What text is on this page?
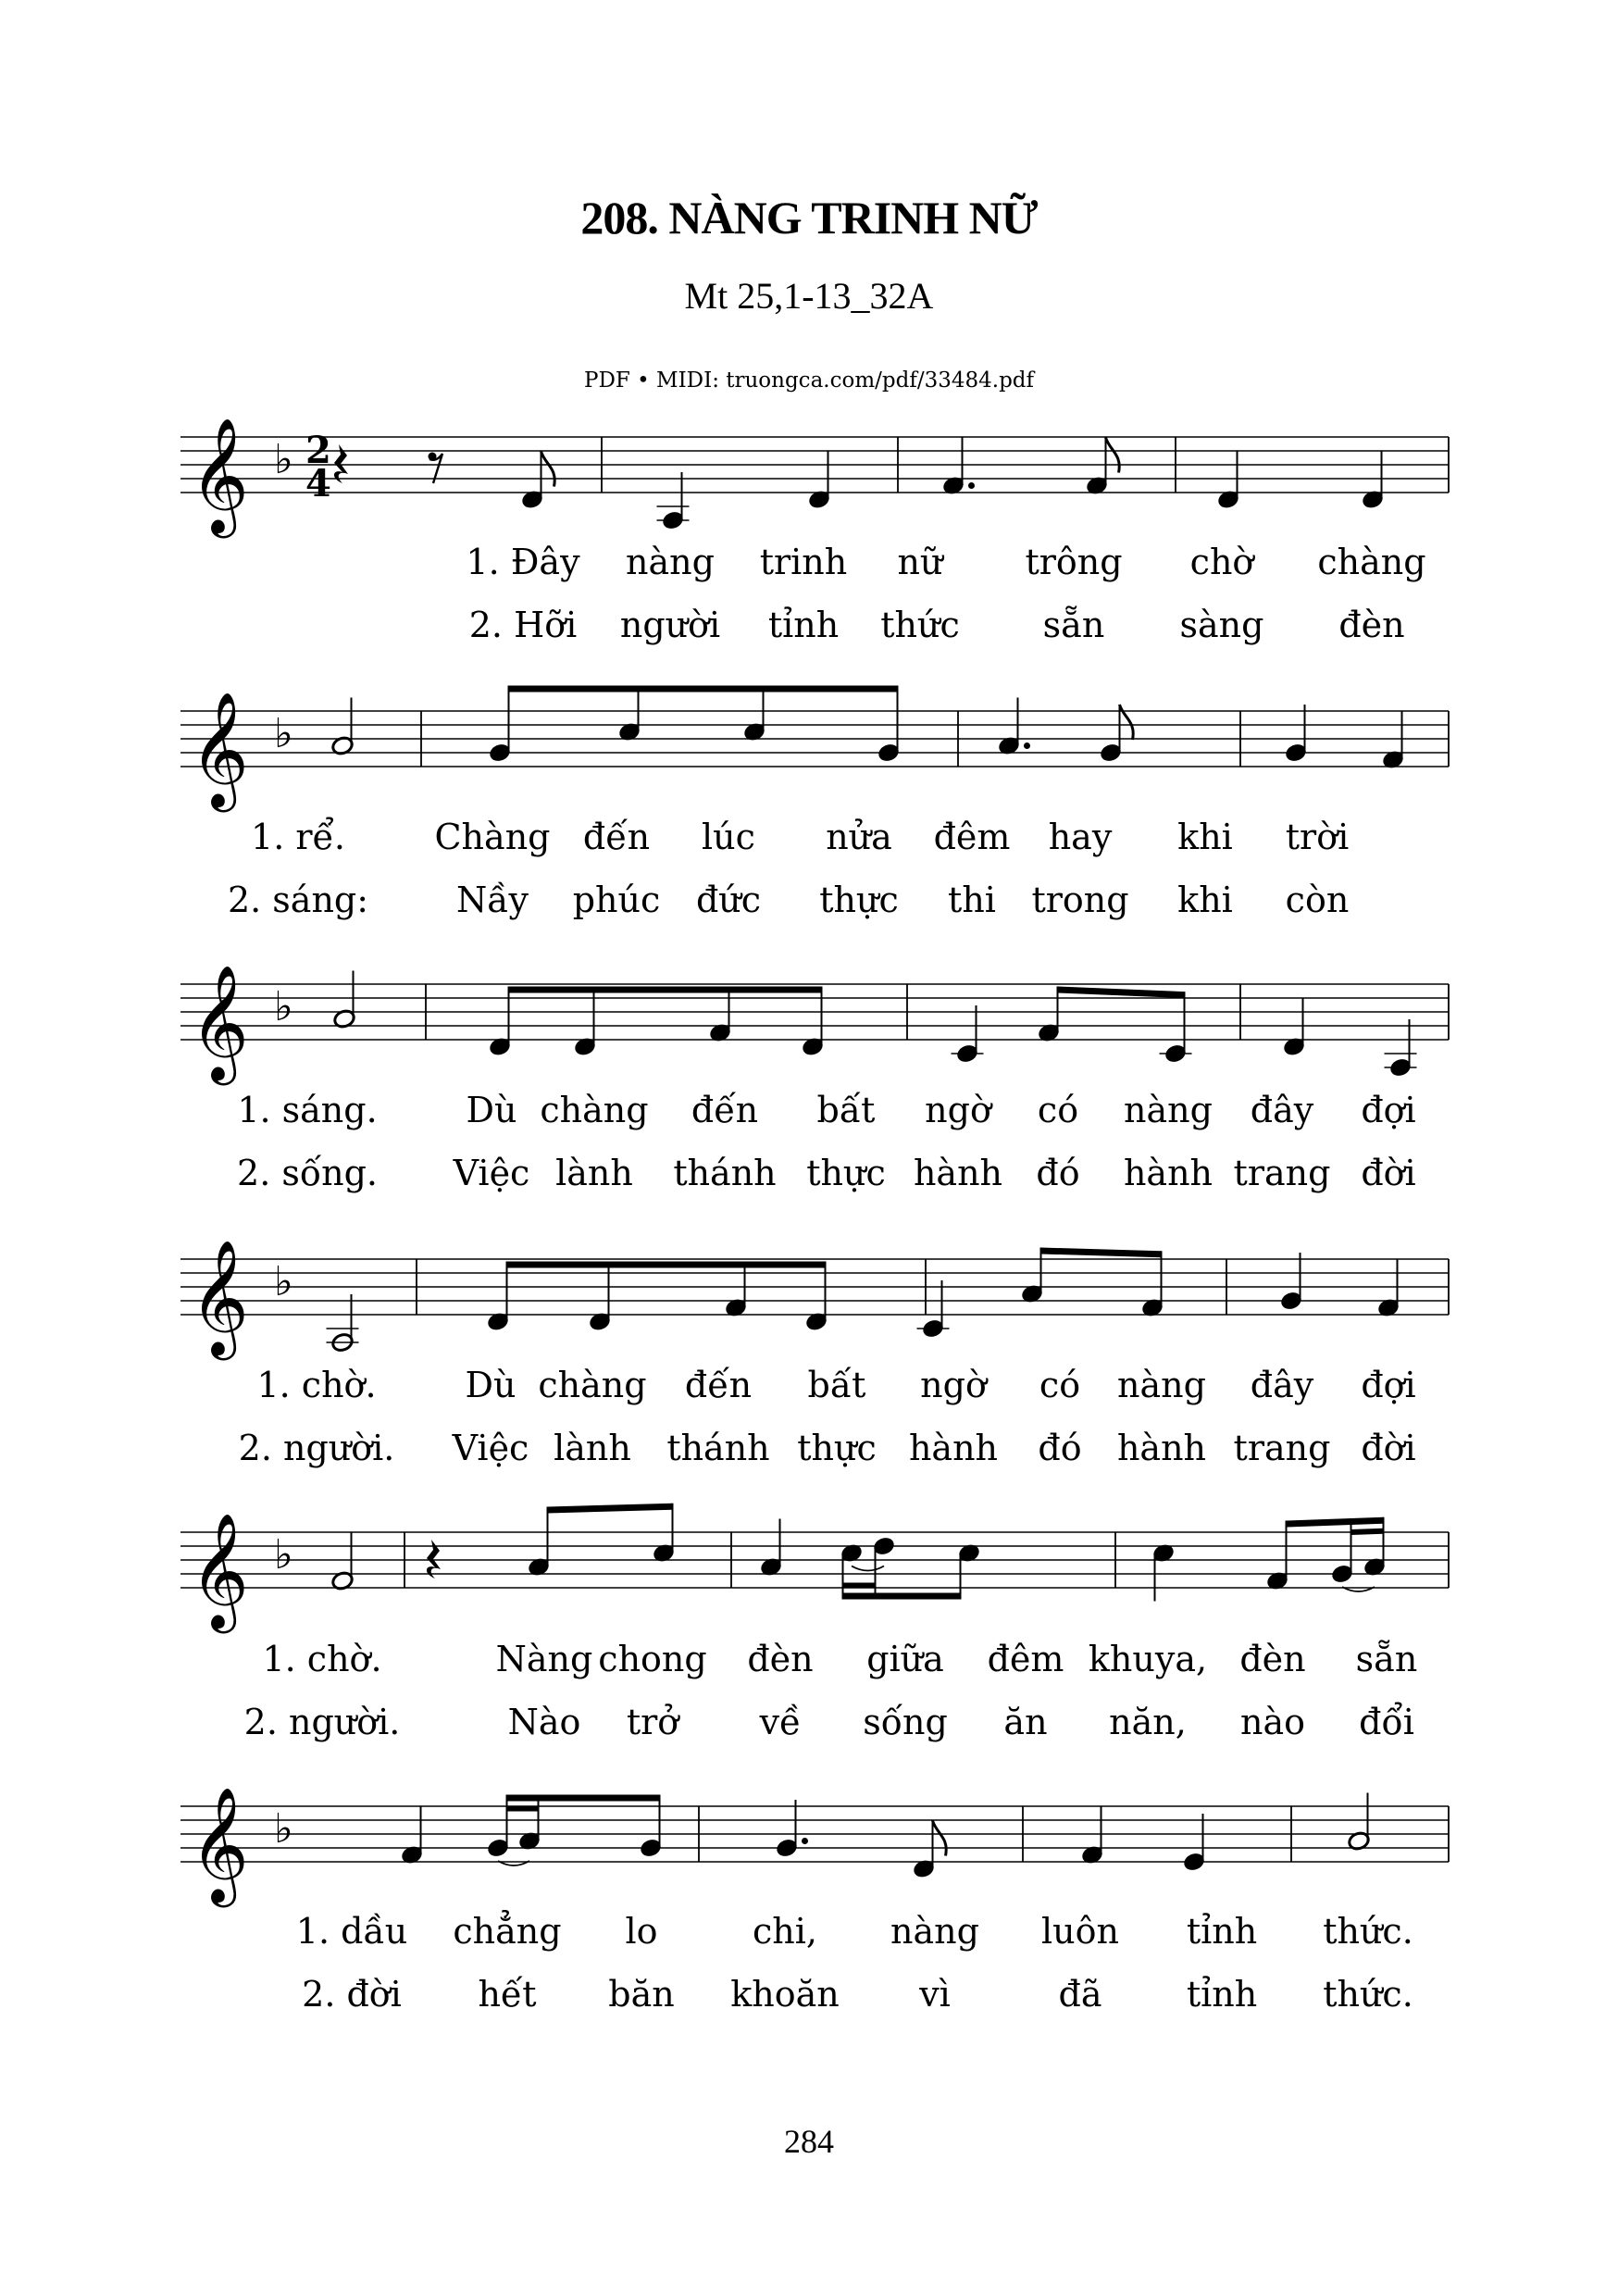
208. NÀNG TRINH NỮ
Mt 25,1-13_32A
PDF • MIDI: truongca.com/pdf/33484.pdf
𝄞 ♭ 2
4
1. Đây nàng trinh nữ trông chờ chàng
2. Hỡi người tỉnh thức sẵn sàng đèn
𝄞 ♭
1. rể.	Chàng đến lúc nửa đêm hay khi trời
2. sáng: Nầy phúc đức thực thi trong khi còn
𝄞 ♭
1. sáng.	Dù chàng đến bất ngờ có nàng đây đợi
2. sống. Việc lành thánh thực hành đó hành trang đời
𝄞 ♭
1. chờ.	Dù chàng đến bất ngờ có nàng đây đợi
2. người. Việc lành thánh thực hành đó hành trang đời
𝄞 ♭
1. chờ.	Nàng chong đèn giữa đêm khuya, đèn sẵn
2. người.	Nào trở về sống ăn năn, nào đổi
𝄞 ♭
1. dầu chẳng lo	chi, nàng luôn tỉnh thức.
2. đời hết băn khoăn vì	đã tỉnh thức.
284
